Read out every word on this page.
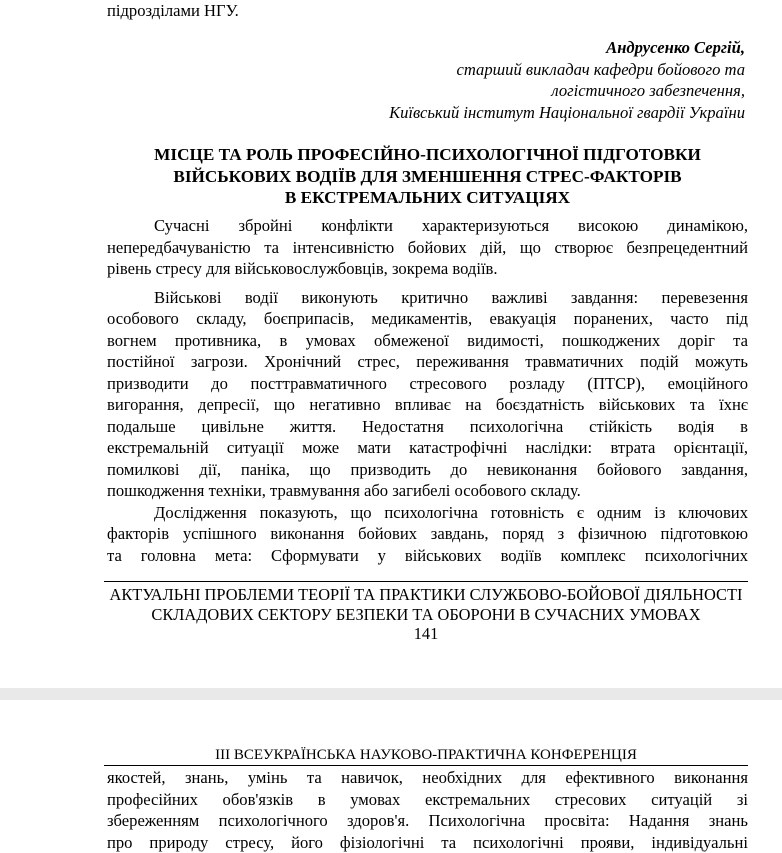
підрозділами НГУ.
Андрусенко Сергій,
старший викладач кафедри бойового та
логістичного забезпечення,
Київський інститут Національної гвардії України
МІСЦЕ ТА РОЛЬ ПРОФЕСІЙНО-ПСИХОЛОГІЧНОЇ ПІДГОТОВКИ
ВІЙСЬКОВИХ ВОДІЇВ ДЛЯ ЗМЕНШЕННЯ СТРЕС-ФАКТОРІВ
В ЕКСТРЕМАЛЬНИХ СИТУАЦІЯХ
Сучасні збройні конфлікти характеризуються високою динамікою,
непередбачуваністю та інтенсивністю бойових дій, що створює безпрецедентний
рівень стресу для військовослужбовців, зокрема водіїв.
Військові водії виконують критично важливі завдання: перевезення
особового складу, боєприпасів, медикаментів, евакуація поранених, часто під
вогнем противника, в умовах обмеженої видимості, пошкоджених доріг та
постійної загрози. Хронічний стрес, переживання травматичних подій можуть
призводити до посттравматичного стресового розладу (ПТСР), емоційного
вигорання, депресії, що негативно впливає на боєздатність військових та їхнє
подальше цивільне життя. Недостатня психологічна стійкість водія в
екстремальній ситуації може мати катастрофічні наслідки: втрата орієнтації,
помилкові дії, паніка, що призводить до невиконання бойового завдання,
пошкодження техніки, травмування або загибелі особового складу.
Дослідження показують, що психологічна готовність є одним із ключових
факторів успішного виконання бойових завдань, поряд з фізичною підготовкою
та головна мета: Сформувати у військових водіїв комплекс психологічних
АКТУАЛЬНІ ПРОБЛЕМИ ТЕОРІЇ ТА ПРАКТИКИ СЛУЖБОВО-БОЙОВОЇ ДІЯЛЬНОСТІ
СКЛАДОВИХ СЕКТОРУ БЕЗПЕКИ ТА ОБОРОНИ В СУЧАСНИХ УМОВАХ
141
ІІІ ВСЕУКРАЇНСЬКА НАУКОВО-ПРАКТИЧНА КОНФЕРЕНЦІЯ
якостей, знань, умінь та навичок, необхідних для ефективного виконання
професійних обов'язків в умовах екстремальних стресових ситуацій зі
збереженням психологічного здоров'я. Психологічна просвіта: Надання знань
про природу стресу, його фізіологічні та психологічні прояви, індивідуальні
